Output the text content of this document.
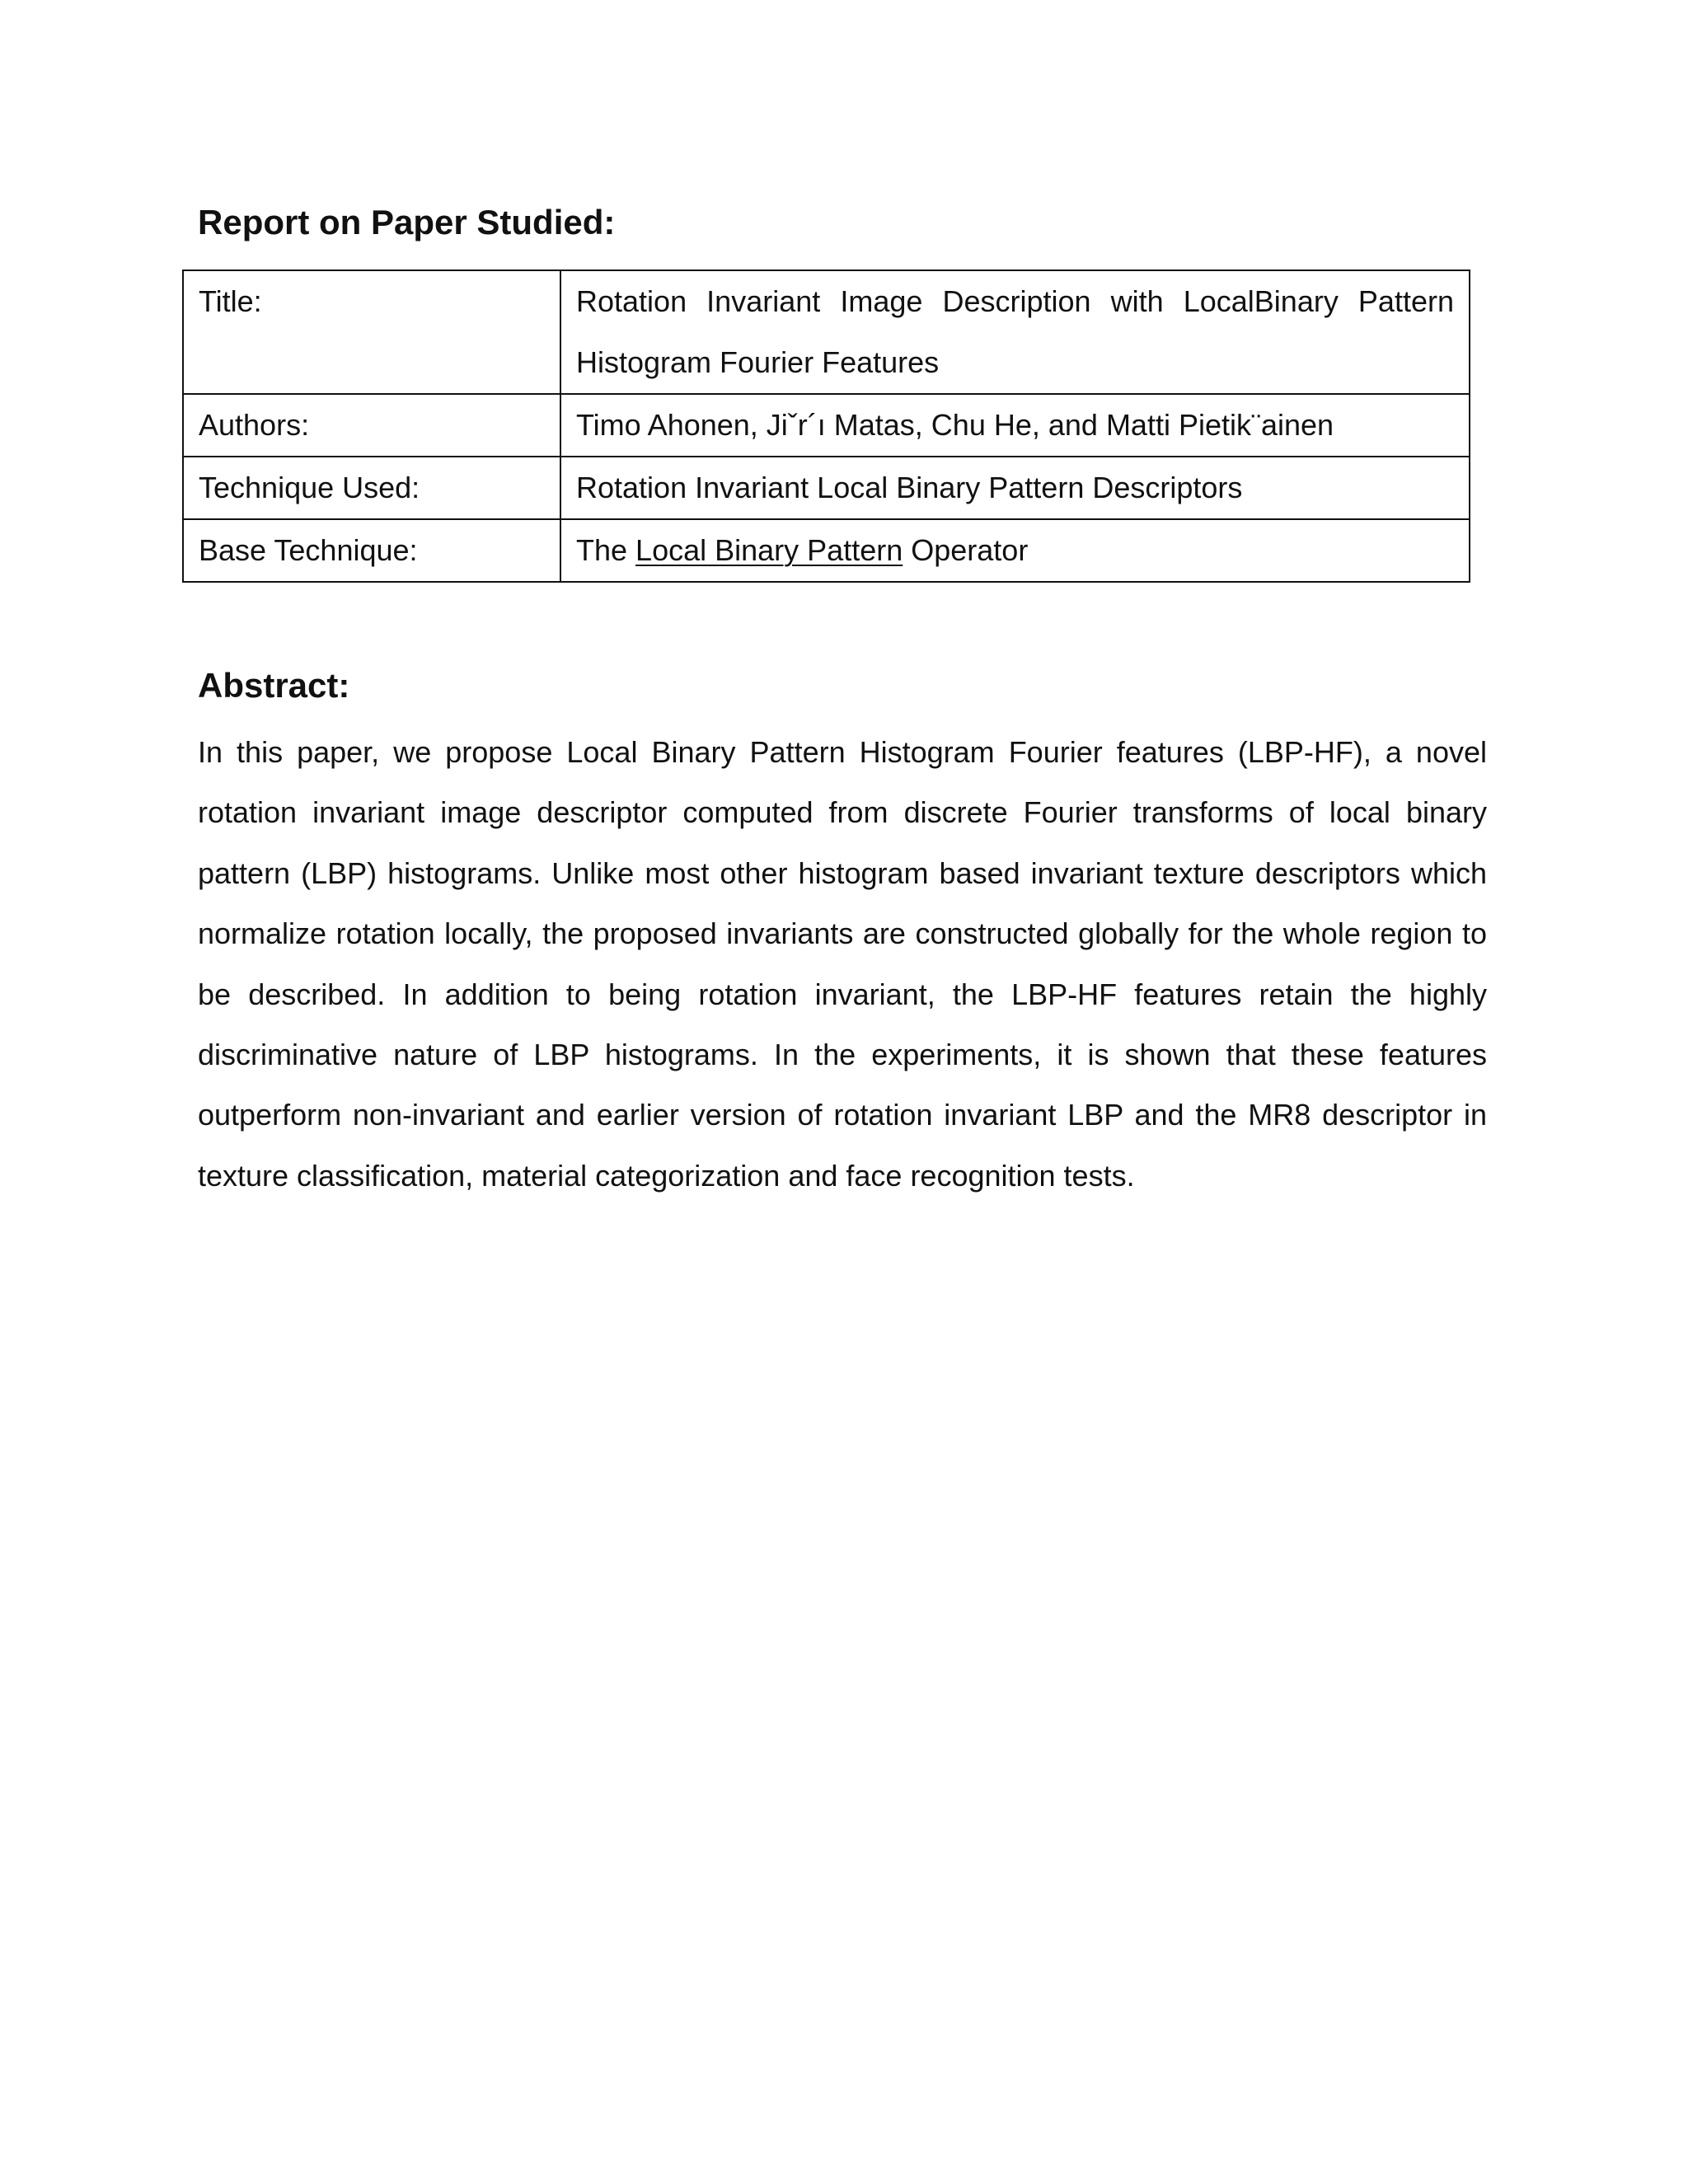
Report on Paper Studied:
Title:	Rotation Invariant Image Description with LocalBinary Pattern Histogram Fourier Features
Authors:	Timo Ahonen, Jiˇr´ı Matas, Chu He, and Matti Pietik¨ainen
Technique Used:	Rotation Invariant Local Binary Pattern Descriptors
Base Technique:	The Local Binary Pattern Operator
Abstract:

In this paper, we propose Local Binary Pattern Histogram Fourier features (LBP-HF), a novel rotation invariant image descriptor computed from discrete Fourier transforms of local binary pattern (LBP) histograms. Unlike most other histogram based invariant texture descriptors which normalize rotation locally, the proposed invariants are constructed globally for the whole region to be described. In addition to being rotation invariant, the LBP-HF features retain the highly discriminative nature of LBP histograms. In the experiments, it is shown that these features outperform non-invariant and earlier version of rotation invariant LBP and the MR8 descriptor in texture classification, material categorization and face recognition tests.
